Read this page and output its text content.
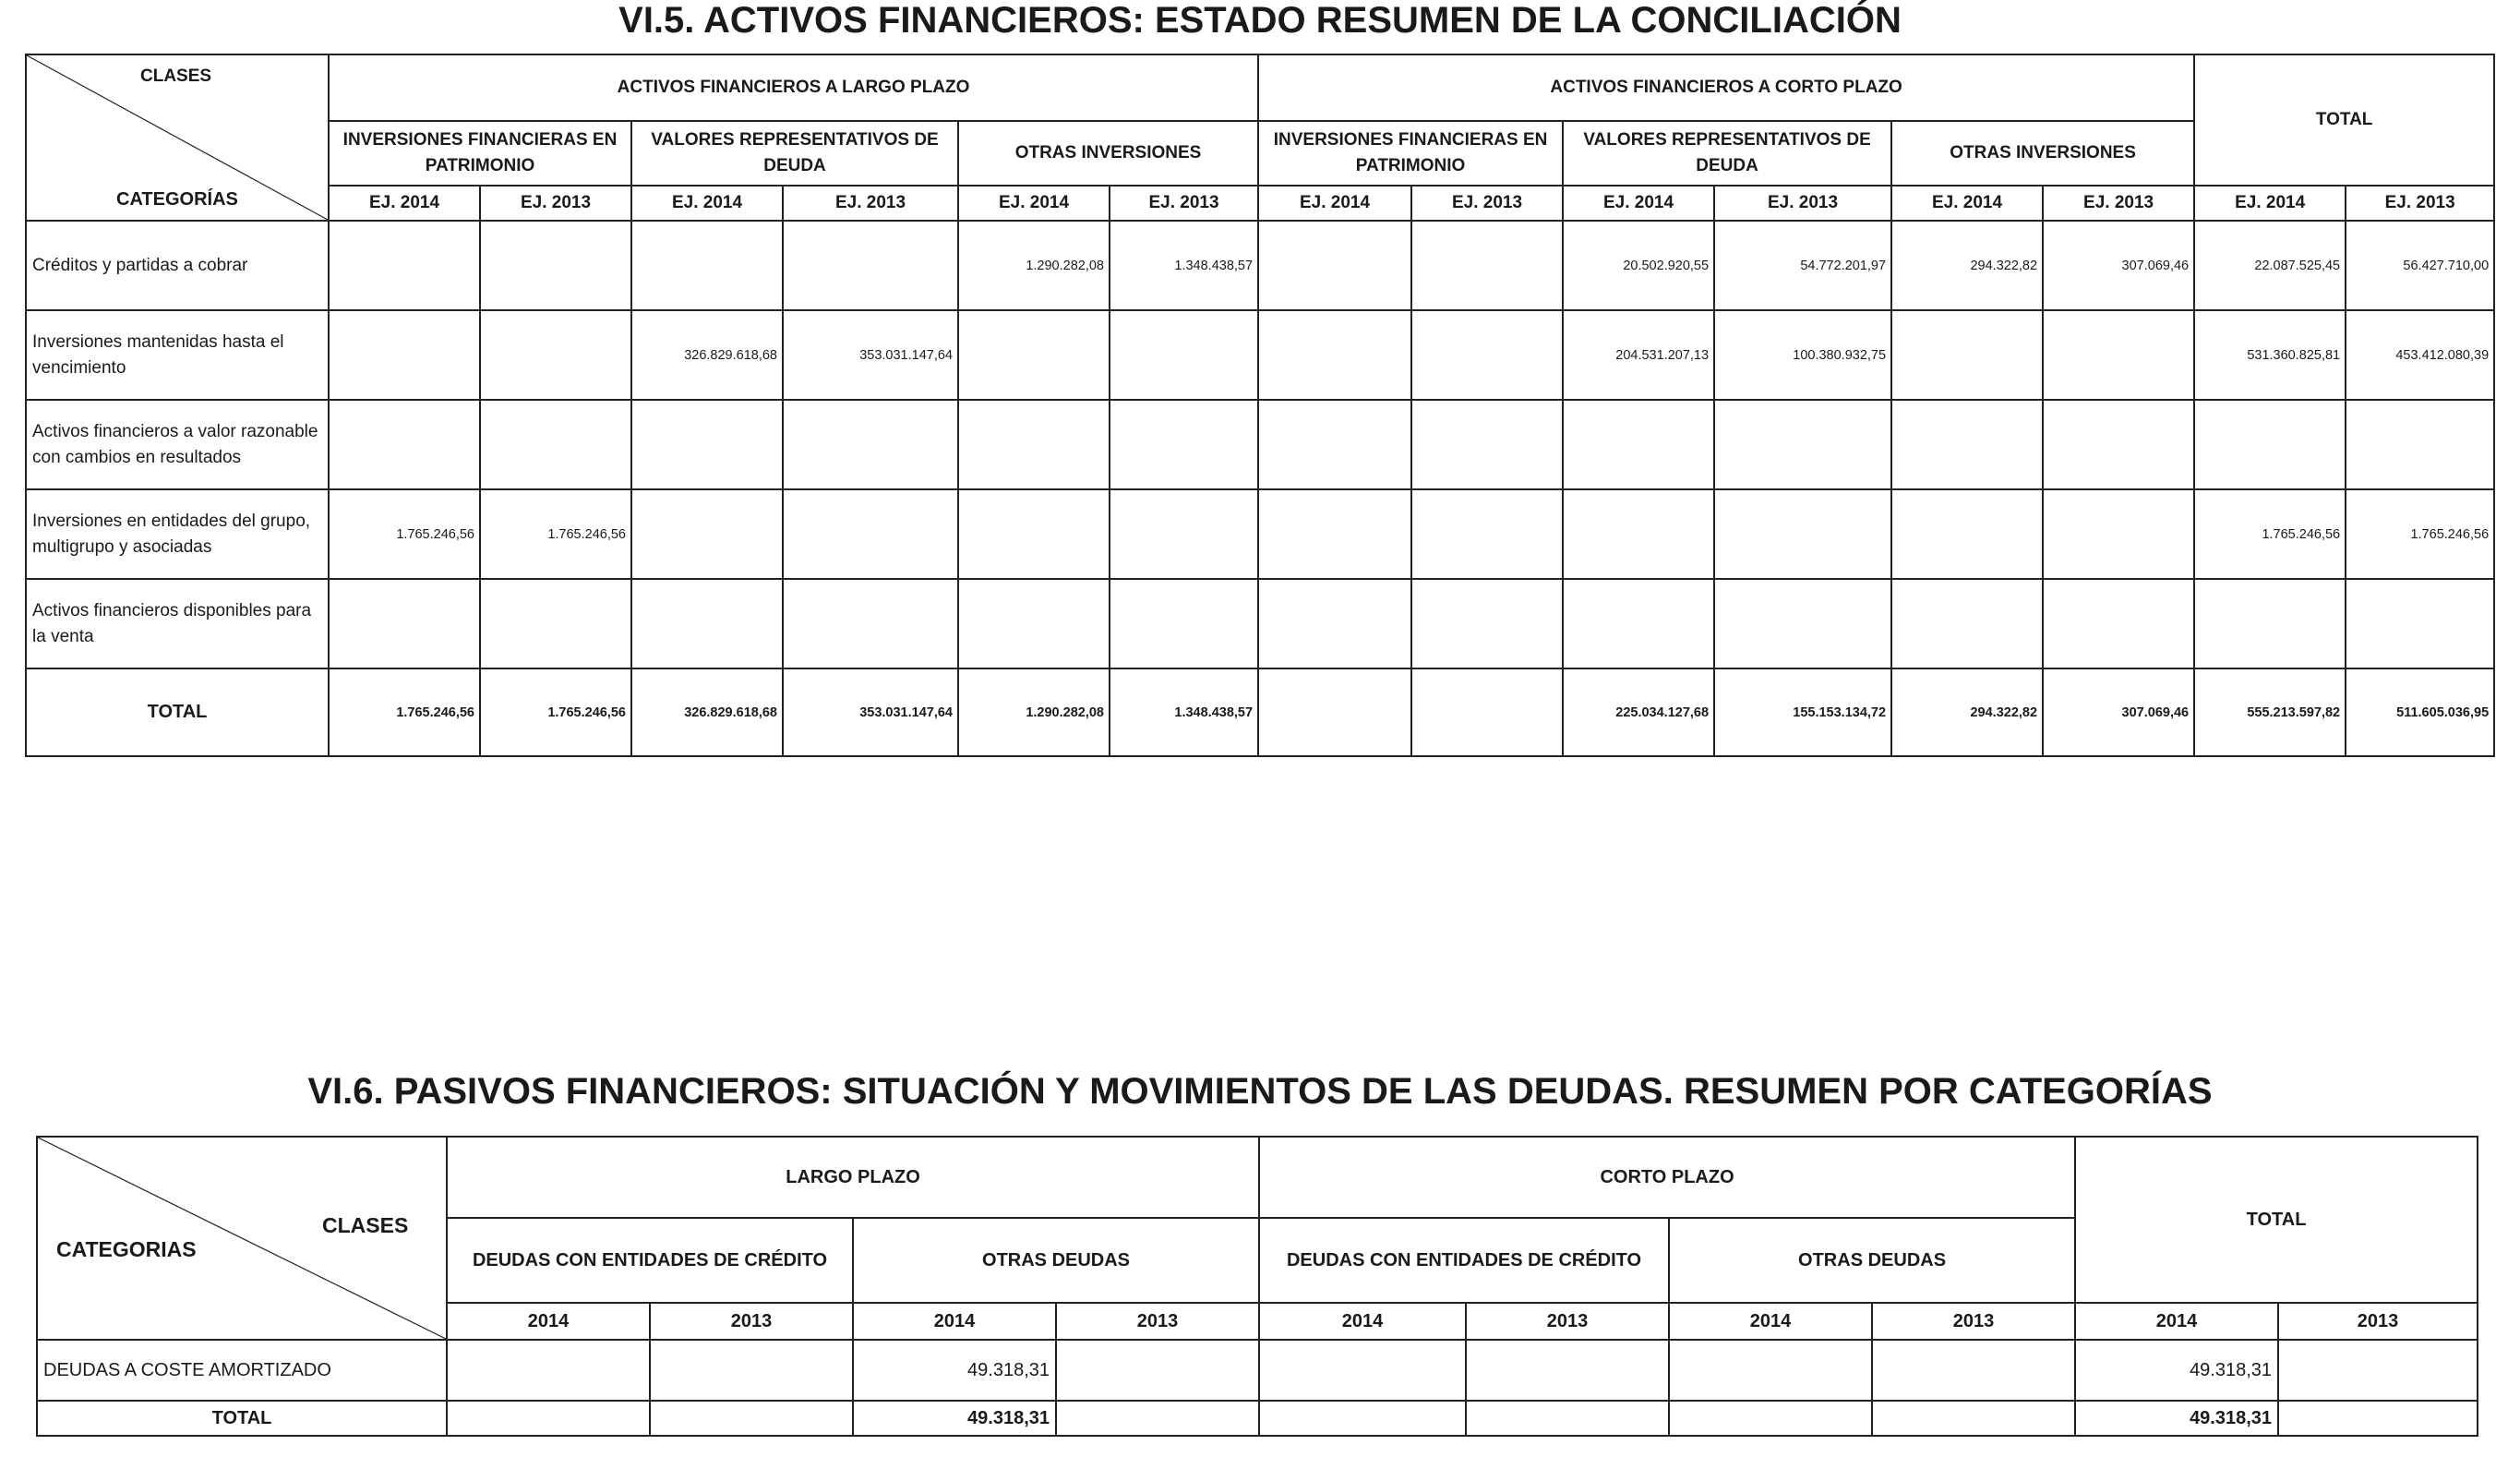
VI.5. ACTIVOS FINANCIEROS: ESTADO RESUMEN DE LA CONCILIACIÓN
CLASES
CATEGORÍAS	ACTIVOS FINANCIEROS A LARGO PLAZO						ACTIVOS FINANCIEROS A CORTO PLAZO						TOTAL	
	INVERSIONES FINANCIERAS EN PATRIMONIO		VALORES REPRESENTATIVOS DE DEUDA		OTRAS INVERSIONES		INVERSIONES FINANCIERAS EN PATRIMONIO		VALORES REPRESENTATIVOS DE DEUDA		OTRAS INVERSIONES			
	EJ. 2014	EJ. 2013	EJ. 2014	EJ. 2013	EJ. 2014	EJ. 2013	EJ. 2014	EJ. 2013	EJ. 2014	EJ. 2013	EJ. 2014	EJ. 2013	EJ. 2014	EJ. 2013
Créditos y partidas a cobrar					1.290.282,08	1.348.438,57			20.502.920,55	54.772.201,97	294.322,82	307.069,46	22.087.525,45	56.427.710,00
Inversiones mantenidas hasta el vencimiento			326.829.618,68	353.031.147,64					204.531.207,13	100.380.932,75			531.360.825,81	453.412.080,39
Activos financieros a valor razonable con cambios en resultados														
Inversiones en entidades del grupo, multigrupo y asociadas	1.765.246,56	1.765.246,56											1.765.246,56	1.765.246,56
Activos financieros disponibles para la venta														
TOTAL	1.765.246,56	1.765.246,56	326.829.618,68	353.031.147,64	1.290.282,08	1.348.438,57			225.034.127,68	155.153.134,72	294.322,82	307.069,46	555.213.597,82	511.605.036,95
VI.6. PASIVOS FINANCIEROS: SITUACIÓN Y MOVIMIENTOS DE LAS DEUDAS. RESUMEN POR CATEGORÍAS
CLASES
CATEGORIAS	LARGO PLAZO				CORTO PLAZO				TOTAL	
	DEUDAS CON ENTIDADES DE CRÉDITO		OTRAS DEUDAS		DEUDAS CON ENTIDADES DE CRÉDITO		OTRAS DEUDAS			
	2014	2013	2014	2013	2014	2013	2014	2013	2014	2013
DEUDAS A COSTE AMORTIZADO			49.318,31						49.318,31	
TOTAL			49.318,31						49.318,31	
